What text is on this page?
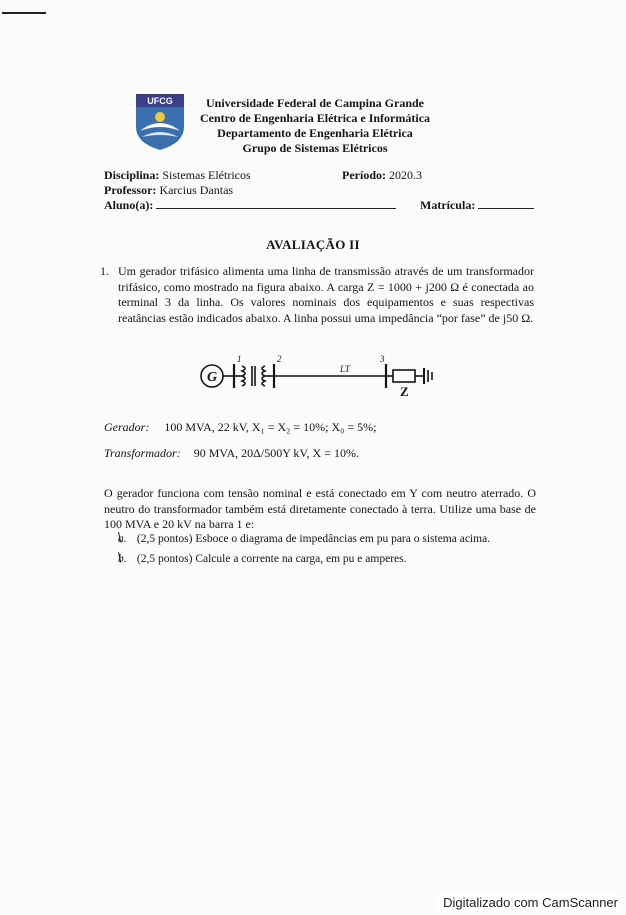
UFCG	Universidade Federal de Campina Grande
Centro de Engenharia Elétrica e Informática
Departamento de Engenharia Elétrica
Grupo de Sistemas Elétricos
Disciplina: Sistemas Elétricos	Período: 2020.3
Professor: Karcius Dantas
Aluno(a):	Matrícula:
AVALIAÇÃO II
1. Um gerador trifásico alimenta uma linha de transmissão através de um transformador trifásico, como mostrado na figura abaixo. A carga Z = 1000 + j200 Ω é conectada ao terminal 3 da linha. Os valores nominais dos equipamentos e suas respectivas reatâncias estão indicados abaixo. A linha possui uma impedância “por fase” de j50 Ω.
G
1	2	3
LT
Z
Gerador: 100 MVA, 22 kV, X₁ = X₂ = 10%; X₀ = 5%;
Transformador: 90 MVA, 20Δ/500Y kV, X = 10%.
O gerador funciona com tensão nominal e está conectado em Y com neutro aterrado. O neutro do transformador também está diretamente conectado à terra. Utilize uma base de 100 MVA e 20 kV na barra 1 e:
a. (2,5 pontos) Esboce o diagrama de impedâncias em pu para o sistema acima.
b. (2,5 pontos) Calcule a corrente na carga, em pu e amperes.
Digitalizado com CamScanner
